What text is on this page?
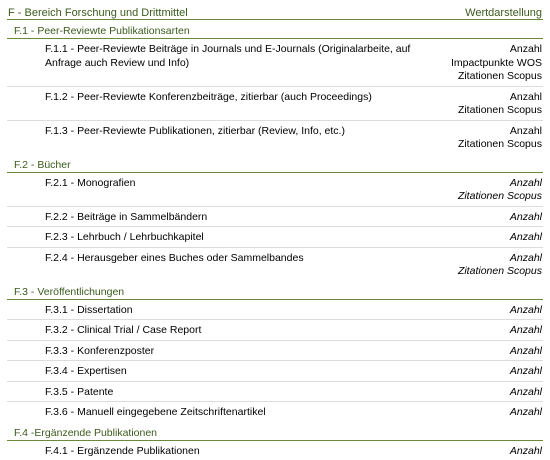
F - Bereich Forschung und Drittmittel	Wertdarstellung
F.1 - Peer-Reviewte Publikationsarten
F.1.1 - Peer-Reviewte Beiträge in Journals und E-Journals (Originalarbeite, auf Anfrage auch Review und Info)
Anzahl
Impactpunkte WOS
Zitationen Scopus
F.1.2 - Peer-Reviewte Konferenzbeiträge, zitierbar (auch Proceedings)	Anzahl
Zitationen Scopus
F.1.3 - Peer-Reviewte Publikationen, zitierbar (Review, Info, etc.)	Anzahl
Zitationen Scopus
F.2 - Bücher
F.2.1 - Monografien	Anzahl
Zitationen Scopus
F.2.2 - Beiträge in Sammelbändern	Anzahl
F.2.3 - Lehrbuch / Lehrbuchkapitel	Anzahl
F.2.4 - Herausgeber eines Buches oder Sammelbandes	Anzahl
Zitationen Scopus
F.3 - Veröffentlichungen
F.3.1 - Dissertation	Anzahl
F.3.2 - Clinical Trial / Case Report	Anzahl
F.3.3 - Konferenzposter	Anzahl
F.3.4 - Expertisen	Anzahl
F.3.5 - Patente	Anzahl
F.3.6 - Manuell eingegebene Zeitschriftenartikel	Anzahl
F.4 -Ergänzende Publikationen
F.4.1 - Ergänzende Publikationen	Anzahl
